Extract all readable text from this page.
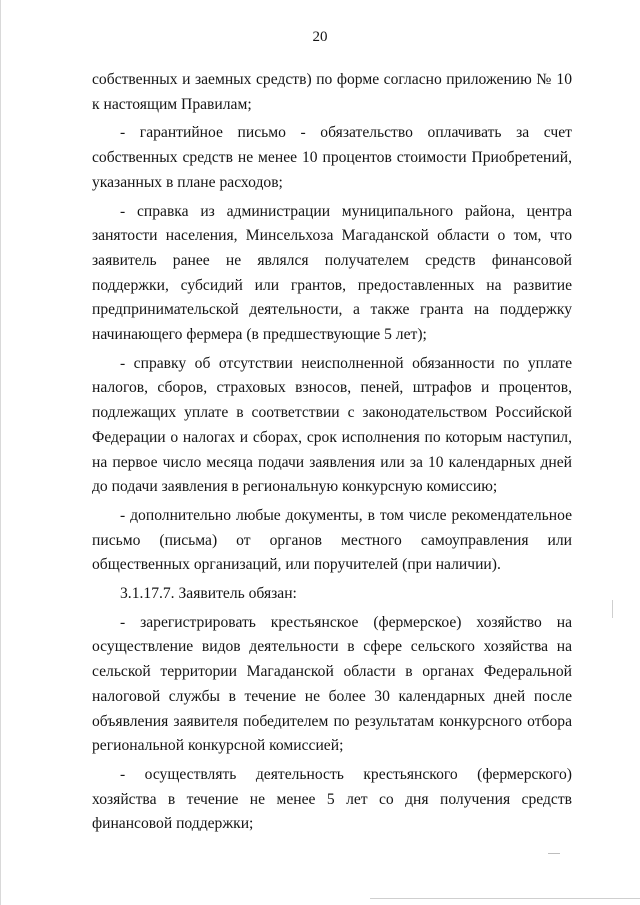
20

собственных и заемных средств) по форме согласно приложению № 10 к настоящим Правилам;

- гарантийное письмо - обязательство оплачивать за счет собственных средств не менее 10 процентов стоимости Приобретений, указанных в плане расходов;

- справка из администрации муниципального района, центра занятости населения, Минсельхоза Магаданской области о том, что заявитель ранее не являлся получателем средств финансовой поддержки, субсидий или грантов, предоставленных на развитие предпринимательской деятельности, а также гранта на поддержку начинающего фермера (в предшествующие 5 лет);

- справку об отсутствии неисполненной обязанности по уплате налогов, сборов, страховых взносов, пеней, штрафов и процентов, подлежащих уплате в соответствии с законодательством Российской Федерации о налогах и сборах, срок исполнения по которым наступил, на первое число месяца подачи заявления или за 10 календарных дней до подачи заявления в региональную конкурсную комиссию;

- дополнительно любые документы, в том числе рекомендательное письмо (письма) от органов местного самоуправления или общественных организаций, или поручителей (при наличии).

3.1.17.7. Заявитель обязан:

- зарегистрировать крестьянское (фермерское) хозяйство на осуществление видов деятельности в сфере сельского хозяйства на сельской территории Магаданской области в органах Федеральной налоговой службы в течение не более 30 календарных дней после объявления заявителя победителем по результатам конкурсного отбора региональной конкурсной комиссией;

- осуществлять деятельность крестьянского (фермерского) хозяйства в течение не менее 5 лет со дня получения средств финансовой поддержки;
